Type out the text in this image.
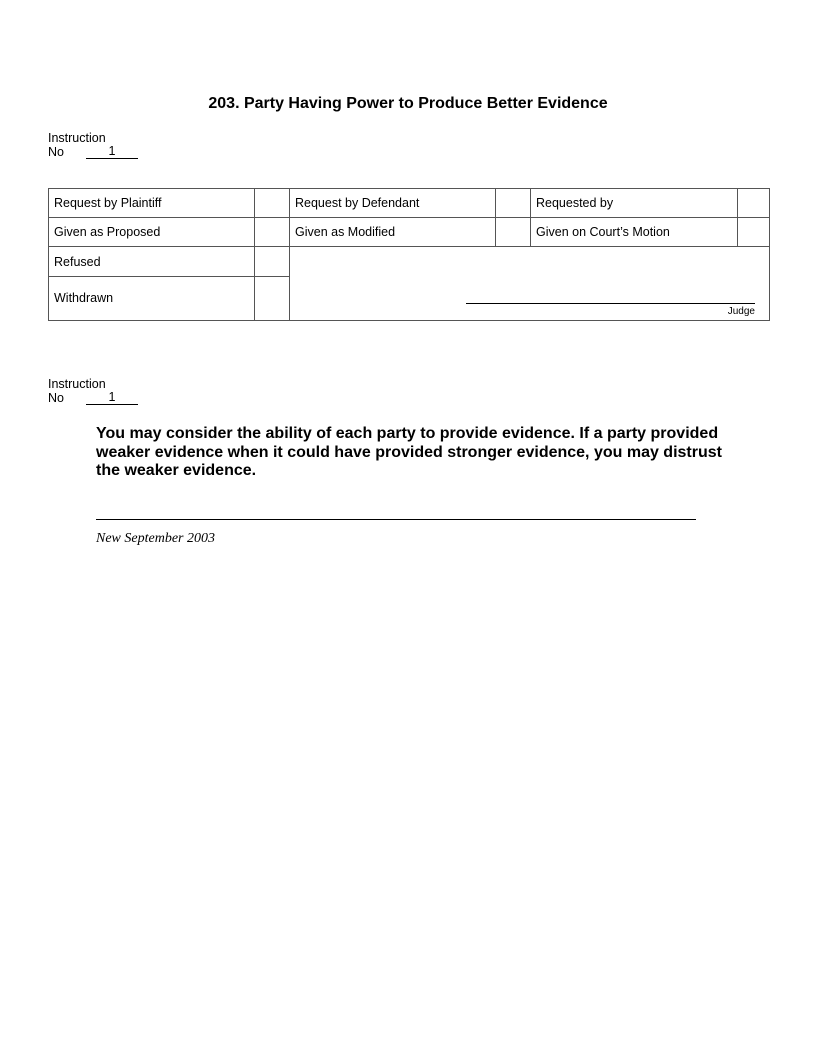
203. Party Having Power to Produce Better Evidence
Instruction
No	1
Request by Plaintiff		Request by Defendant		Requested by	
Given as Proposed		Given as Modified		Given on Court’s Motion	
Refused		Judge			

Withdrawn					
Instruction
No	1
You may consider the ability of each party to provide evidence. If a party provided weaker evidence when it could have provided stronger evidence, you may distrust the weaker evidence.
New September 2003
